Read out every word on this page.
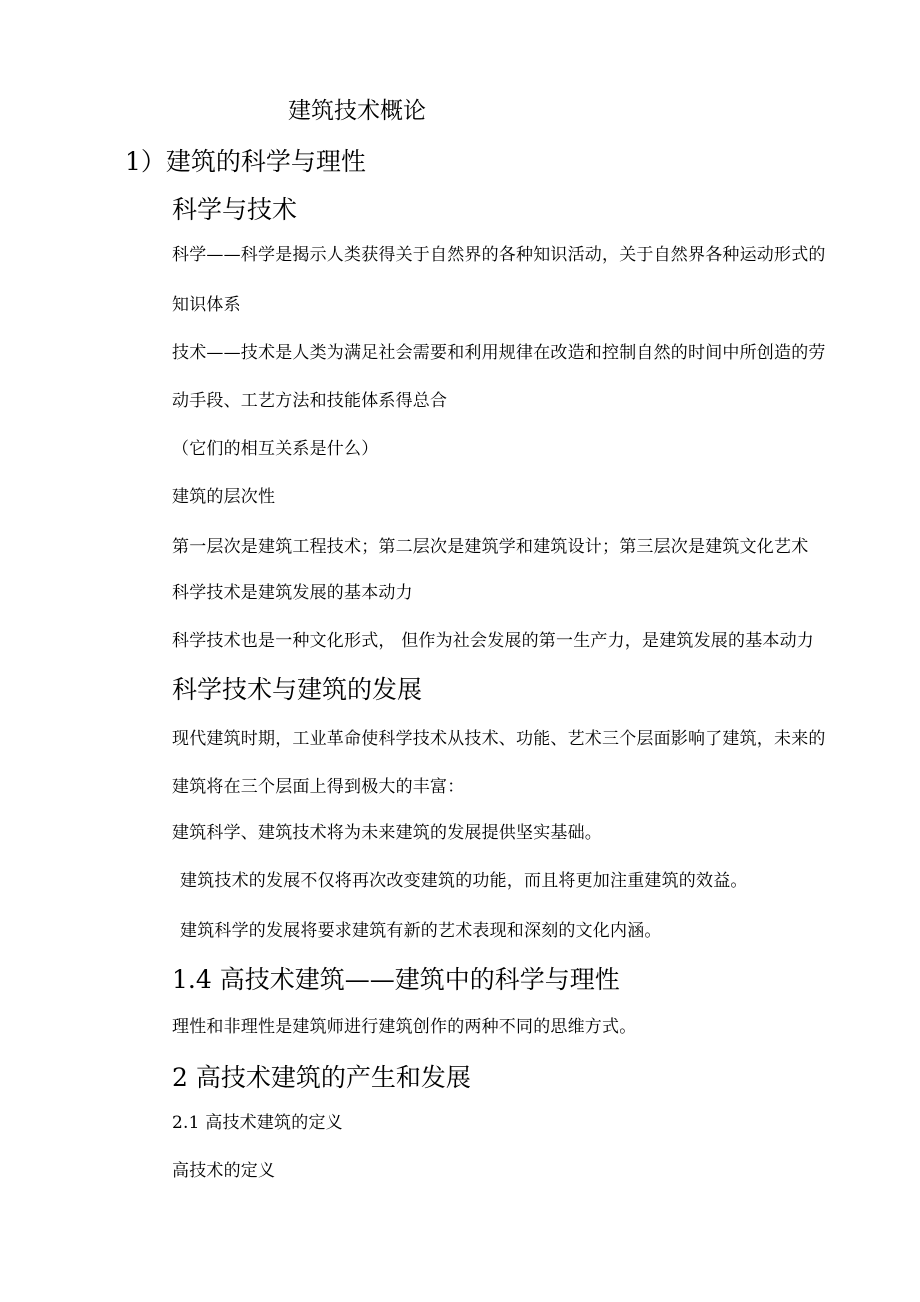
建筑技术概论
1）建筑的科学与理性
科学与技术
科学——科学是揭示人类获得关于自然界的各种知识活动，关于自然界各种运动形式的
知识体系
技术——技术是人类为满足社会需要和利用规律在改造和控制自然的时间中所创造的劳
动手段、工艺方法和技能体系得总合
（它们的相互关系是什么）
建筑的层次性
第一层次是建筑工程技术；第二层次是建筑学和建筑设计；第三层次是建筑文化艺术
科学技术是建筑发展的基本动力
科学技术也是一种文化形式， 但作为社会发展的第一生产力，是建筑发展的基本动力
科学技术与建筑的发展
现代建筑时期，工业革命使科学技术从技术、功能、艺术三个层面影响了建筑，未来的
建筑将在三个层面上得到极大的丰富：
建筑科学、建筑技术将为未来建筑的发展提供坚实基础。
建筑技术的发展不仅将再次改变建筑的功能，而且将更加注重建筑的效益。
建筑科学的发展将要求建筑有新的艺术表现和深刻的文化内涵。
1.4 高技术建筑——建筑中的科学与理性
理性和非理性是建筑师进行建筑创作的两种不同的思维方式。
2 高技术建筑的产生和发展
2.1 高技术建筑的定义
高技术的定义
